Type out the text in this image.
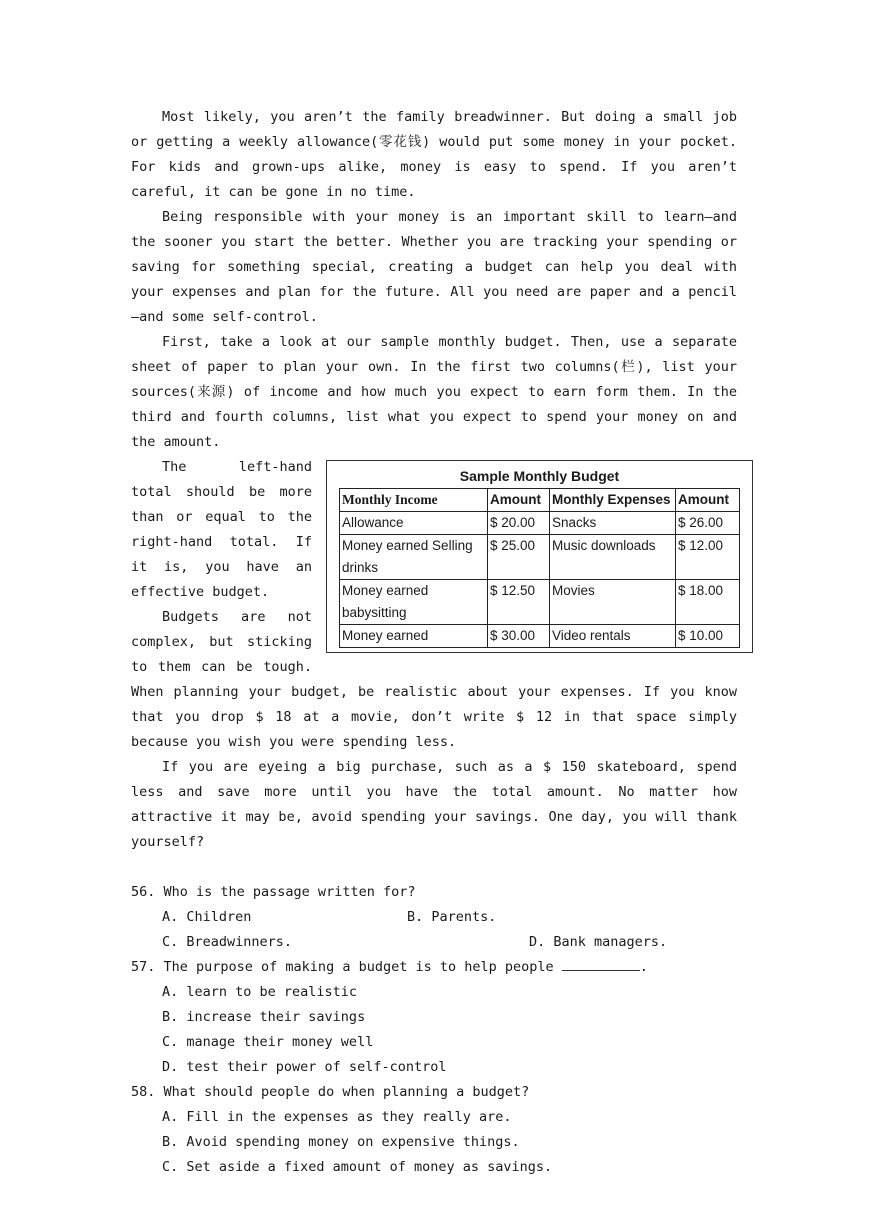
Most likely, you aren’t the family breadwinner. But doing a small job or getting a weekly allowance(零花钱) would put some money in your pocket. For kids and grown-ups alike, money is easy to spend. If you aren’t careful, it can be gone in no time.

Being responsible with your money is an important skill to learn—and the sooner you start the better. Whether you are tracking your spending or saving for something special, creating a budget can help you deal with your expenses and plan for the future. All you need are paper and a pencil—and some self-control.

First, take a look at our sample monthly budget. Then, use a separate sheet of paper to plan your own. In the first two columns(栏), list your sources(来源) of income and how much you expect to earn form them. In the third and fourth columns, list what you expect to spend your money on and the amount.

Sample Monthly Budget
Monthly Income	Amount	Monthly Expenses	Amount
Allowance	$ 20.00	Snacks	$ 26.00
Money earned Selling drinks	$ 25.00	Music downloads	$ 12.00
Money earned babysitting	$ 12.50	Movies	$ 18.00
Money earned	$ 30.00	Video rentals	$ 10.00

The left-hand total should be more than or equal to the right-hand total. If it is, you have an effective budget.

Budgets are not complex, but sticking to them can be tough. When planning your budget, be realistic about your expenses. If you know that you drop $ 18 at a movie, don’t write $ 12 in that space simply because you wish you were spending less.

If you are eyeing a big purchase, such as a $ 150 skateboard, spend less and save more until you have the total amount. No matter how attractive it may be, avoid spending your savings. One day, you will thank yourself?

56. Who is the passage written for?

A. Children	B. Parents.
C. Breadwinners.	D. Bank managers.

57. The purpose of making a budget is to help people	.

A. learn to be realistic

B. increase their savings

C. manage their money well

D. test their power of self-control

58. What should people do when planning a budget?

A. Fill in the expenses as they really are.

B. Avoid spending money on expensive things.

C. Set aside a fixed amount of money as savings.
